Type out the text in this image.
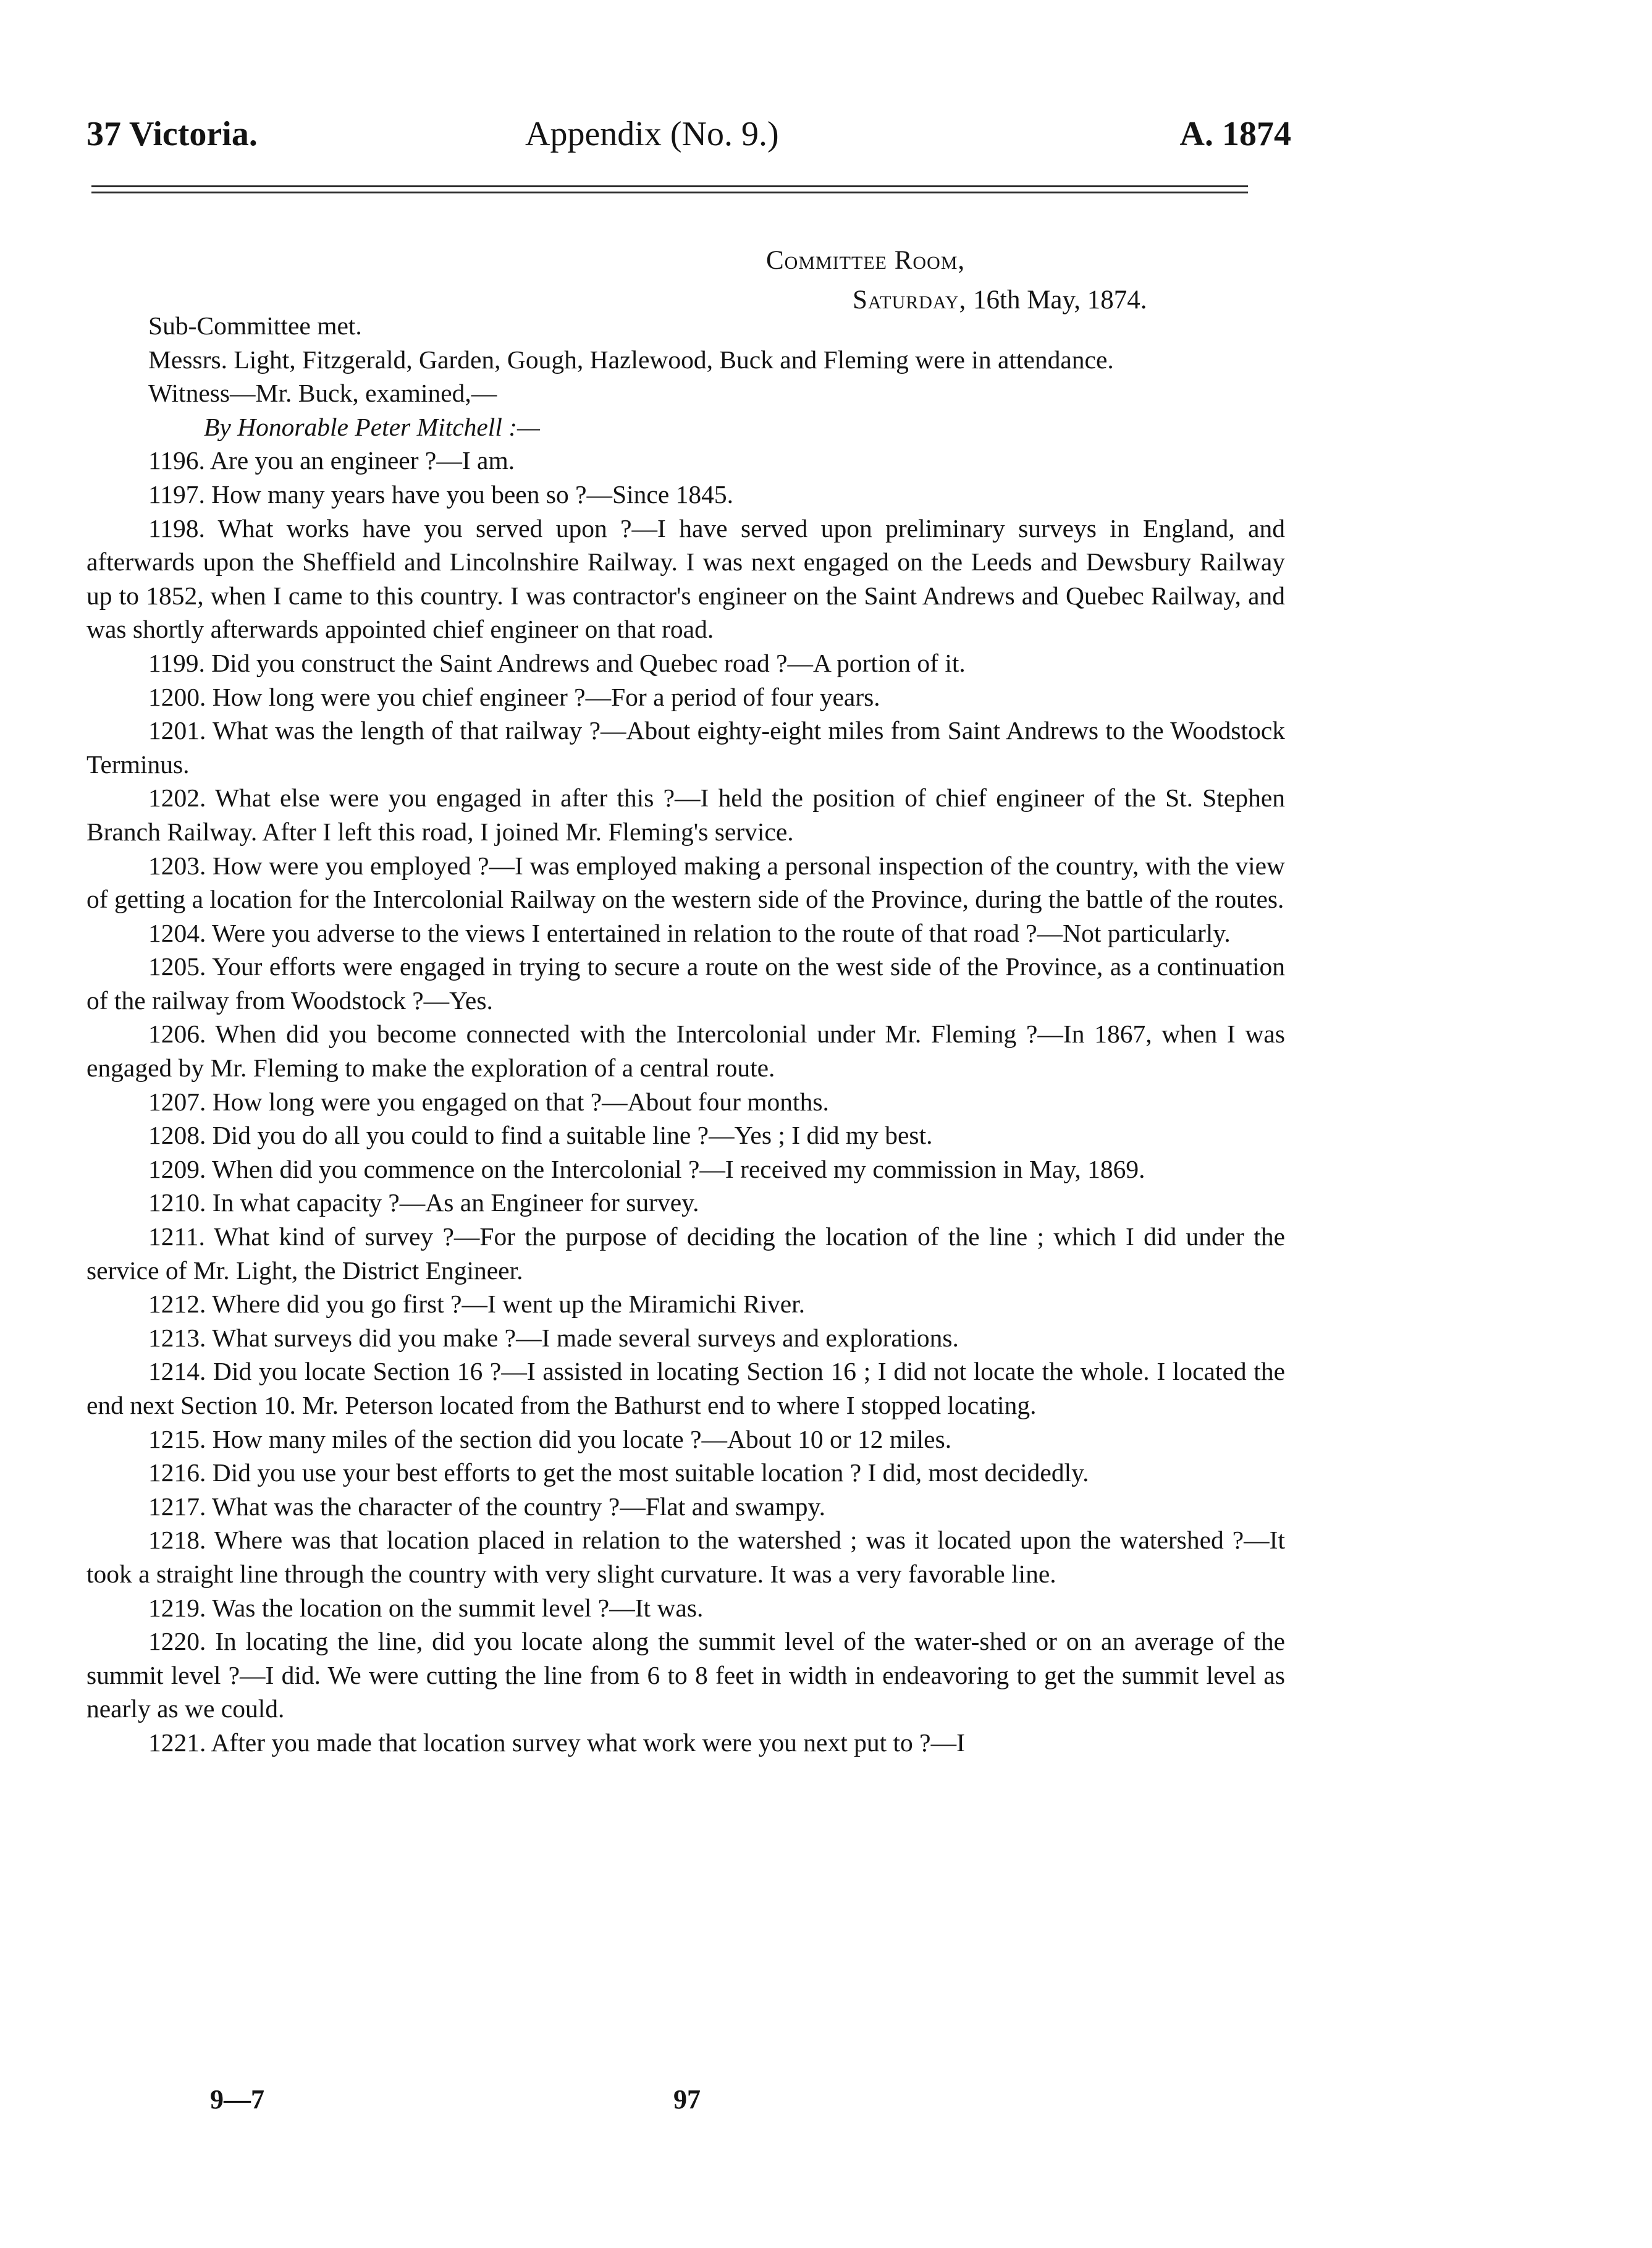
37 Victoria.	Appendix (No. 9.)	A. 1874
Committee Room,
Saturday, 16th May, 1874.

Sub-Committee met.

Messrs. Light, Fitzgerald, Garden, Gough, Hazlewood, Buck and Fleming were in attendance.

Witness—Mr. Buck, examined,—

By Honorable Peter Mitchell :—

1196. Are you an engineer ?—I am.

1197. How many years have you been so ?—Since 1845.

1198. What works have you served upon ?—I have served upon preliminary surveys in England, and afterwards upon the Sheffield and Lincolnshire Railway. I was next engaged on the Leeds and Dewsbury Railway up to 1852, when I came to this country. I was contractor's engineer on the Saint Andrews and Quebec Railway, and was shortly afterwards appointed chief engineer on that road.

1199. Did you construct the Saint Andrews and Quebec road ?—A portion of it.

1200. How long were you chief engineer ?—For a period of four years.

1201. What was the length of that railway ?—About eighty-eight miles from Saint Andrews to the Woodstock Terminus.

1202. What else were you engaged in after this ?—I held the position of chief engineer of the St. Stephen Branch Railway. After I left this road, I joined Mr. Fleming's service.

1203. How were you employed ?—I was employed making a personal inspection of the country, with the view of getting a location for the Intercolonial Railway on the western side of the Province, during the battle of the routes.

1204. Were you adverse to the views I entertained in relation to the route of that road ?—Not particularly.

1205. Your efforts were engaged in trying to secure a route on the west side of the Province, as a continuation of the railway from Woodstock ?—Yes.

1206. When did you become connected with the Intercolonial under Mr. Fleming ?—In 1867, when I was engaged by Mr. Fleming to make the exploration of a central route.

1207. How long were you engaged on that ?—About four months.

1208. Did you do all you could to find a suitable line ?—Yes ; I did my best.

1209. When did you commence on the Intercolonial ?—I received my commission in May, 1869.

1210. In what capacity ?—As an Engineer for survey.

1211. What kind of survey ?—For the purpose of deciding the location of the line ; which I did under the service of Mr. Light, the District Engineer.

1212. Where did you go first ?—I went up the Miramichi River.

1213. What surveys did you make ?—I made several surveys and explorations.

1214. Did you locate Section 16 ?—I assisted in locating Section 16 ; I did not locate the whole. I located the end next Section 10. Mr. Peterson located from the Bathurst end to where I stopped locating.

1215. How many miles of the section did you locate ?—About 10 or 12 miles.

1216. Did you use your best efforts to get the most suitable location ? I did, most decidedly.

1217. What was the character of the country ?—Flat and swampy.

1218. Where was that location placed in relation to the watershed ; was it located upon the watershed ?—It took a straight line through the country with very slight curvature. It was a very favorable line.

1219. Was the location on the summit level ?—It was.

1220. In locating the line, did you locate along the summit level of the water-shed or on an average of the summit level ?—I did. We were cutting the line from 6 to 8 feet in width in endeavoring to get the summit level as nearly as we could.

1221. After you made that location survey what work were you next put to ?—I

9—7	97
